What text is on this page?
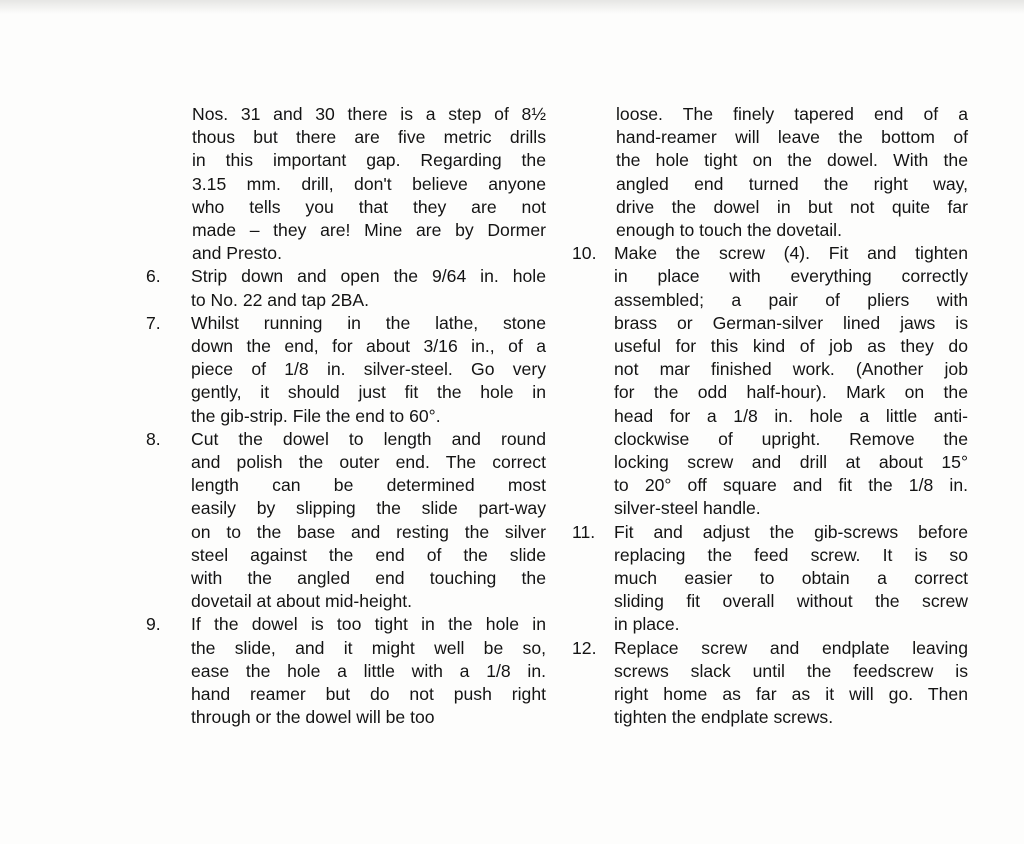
Nos. 31 and 30 there is a step of 8½
thous but there are five metric drills
in this important gap. Regarding the
3.15 mm. drill, don't believe anyone
who tells you that they are not
made – they are! Mine are by Dormer
and Presto.
6.	Strip down and open the 9/64 in. hole
to No. 22 and tap 2BA.
7.	Whilst running in the lathe, stone
down the end, for about 3/16 in., of a
piece of 1/8 in. silver-steel. Go very
gently, it should just fit the hole in
the gib-strip. File the end to 60°.
8.	Cut the dowel to length and round
and polish the outer end. The correct
length can be determined most
easily by slipping the slide part-way
on to the base and resting the silver
steel against the end of the slide
with the angled end touching the
dovetail at about mid-height.
9.	If the dowel is too tight in the hole in
the slide, and it might well be so,
ease the hole a little with a 1/8 in.
hand reamer but do not push right
through or the dowel will be too
loose. The finely tapered end of a
hand-reamer will leave the bottom of
the hole tight on the dowel. With the
angled end turned the right way,
drive the dowel in but not quite far
enough to touch the dovetail.
10. Make the screw (4). Fit and tighten
in place with everything correctly
assembled; a pair of pliers with
brass or German-silver lined jaws is
useful for this kind of job as they do
not mar finished work. (Another job
for the odd half-hour). Mark on the
head for a 1/8 in. hole a little anti-
clockwise of upright. Remove the
locking screw and drill at about 15°
to 20° off square and fit the 1/8 in.
silver-steel handle.
11.	Fit and adjust the gib-screws before
replacing the feed screw. It is so
much easier to obtain a correct
sliding fit overall without the screw
in place.
12. Replace screw and endplate leaving
screws slack until the feedscrew is
right home as far as it will go. Then
tighten the endplate screws.
